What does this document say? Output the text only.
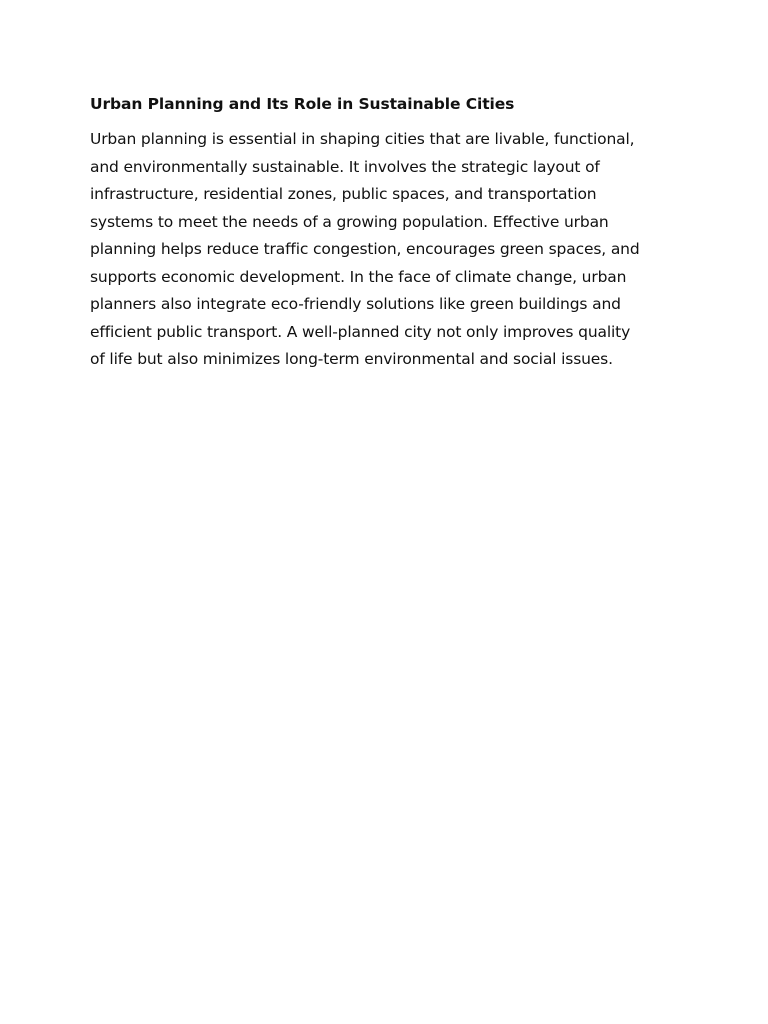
Urban Planning and Its Role in Sustainable Cities

Urban planning is essential in shaping cities that are livable, functional,
and environmentally sustainable. It involves the strategic layout of
infrastructure, residential zones, public spaces, and transportation
systems to meet the needs of a growing population. Effective urban
planning helps reduce traffic congestion, encourages green spaces, and
supports economic development. In the face of climate change, urban
planners also integrate eco-friendly solutions like green buildings and
efficient public transport. A well-planned city not only improves quality
of life but also minimizes long-term environmental and social issues.
